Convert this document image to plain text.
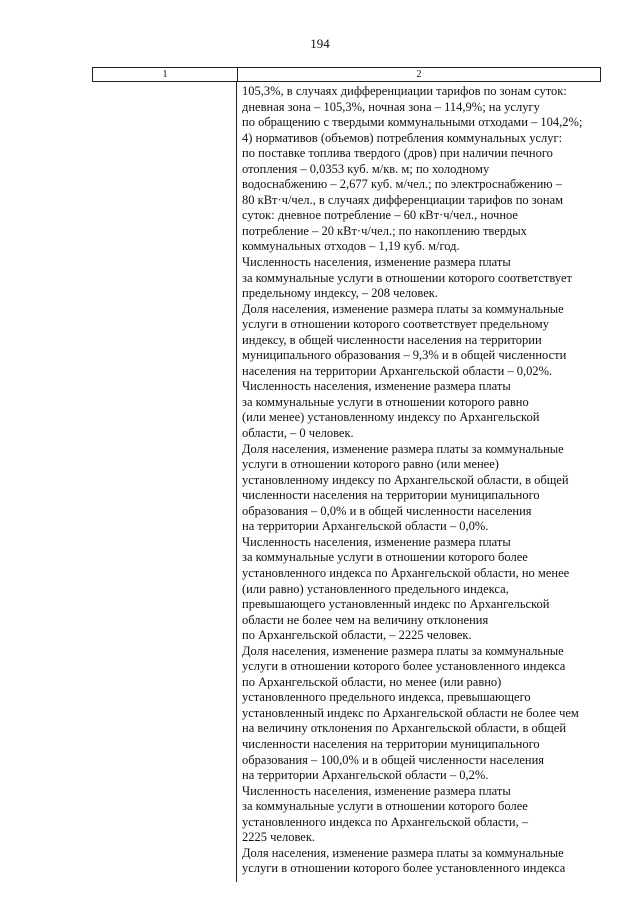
194
1	2
105,3%, в случаях дифференциации тарифов по зонам суток:
дневная зона – 105,3%, ночная зона – 114,9%; на услугу
по обращению с твердыми коммунальными отходами – 104,2%;
4) нормативов (объемов) потребления коммунальных услуг:
по поставке топлива твердого (дров) при наличии печного
отопления – 0,0353 куб. м/кв. м; по холодному
водоснабжению – 2,677 куб. м/чел.; по электроснабжению –
80 кВт·ч/чел., в случаях дифференциации тарифов по зонам
суток: дневное потребление – 60 кВт·ч/чел., ночное
потребление – 20 кВт·ч/чел.; по накоплению твердых
коммунальных отходов – 1,19 куб. м/год.
Численность населения, изменение размера платы
за коммунальные услуги в отношении которого соответствует
предельному индексу, – 208 человек.
Доля населения, изменение размера платы за коммунальные
услуги в отношении которого соответствует предельному
индексу, в общей численности населения на территории
муниципального образования – 9,3% и в общей численности
населения на территории Архангельской области – 0,02%.
Численность населения, изменение размера платы
за коммунальные услуги в отношении которого равно
(или менее) установленному индексу по Архангельской
области, – 0 человек.
Доля населения, изменение размера платы за коммунальные
услуги в отношении которого равно (или менее)
установленному индексу по Архангельской области, в общей
численности населения на территории муниципального
образования – 0,0% и в общей численности населения
на территории Архангельской области – 0,0%.
Численность населения, изменение размера платы
за коммунальные услуги в отношении которого более
установленного индекса по Архангельской области, но менее
(или равно) установленного предельного индекса,
превышающего установленный индекс по Архангельской
области не более чем на величину отклонения
по Архангельской области, – 2225 человек.
Доля населения, изменение размера платы за коммунальные
услуги в отношении которого более установленного индекса
по Архангельской области, но менее (или равно)
установленного предельного индекса, превышающего
установленный индекс по Архангельской области не более чем
на величину отклонения по Архангельской области, в общей
численности населения на территории муниципального
образования – 100,0% и в общей численности населения
на территории Архангельской области – 0,2%.
Численность населения, изменение размера платы
за коммунальные услуги в отношении которого более
установленного индекса по Архангельской области, –
2225 человек.
Доля населения, изменение размера платы за коммунальные
услуги в отношении которого более установленного индекса
